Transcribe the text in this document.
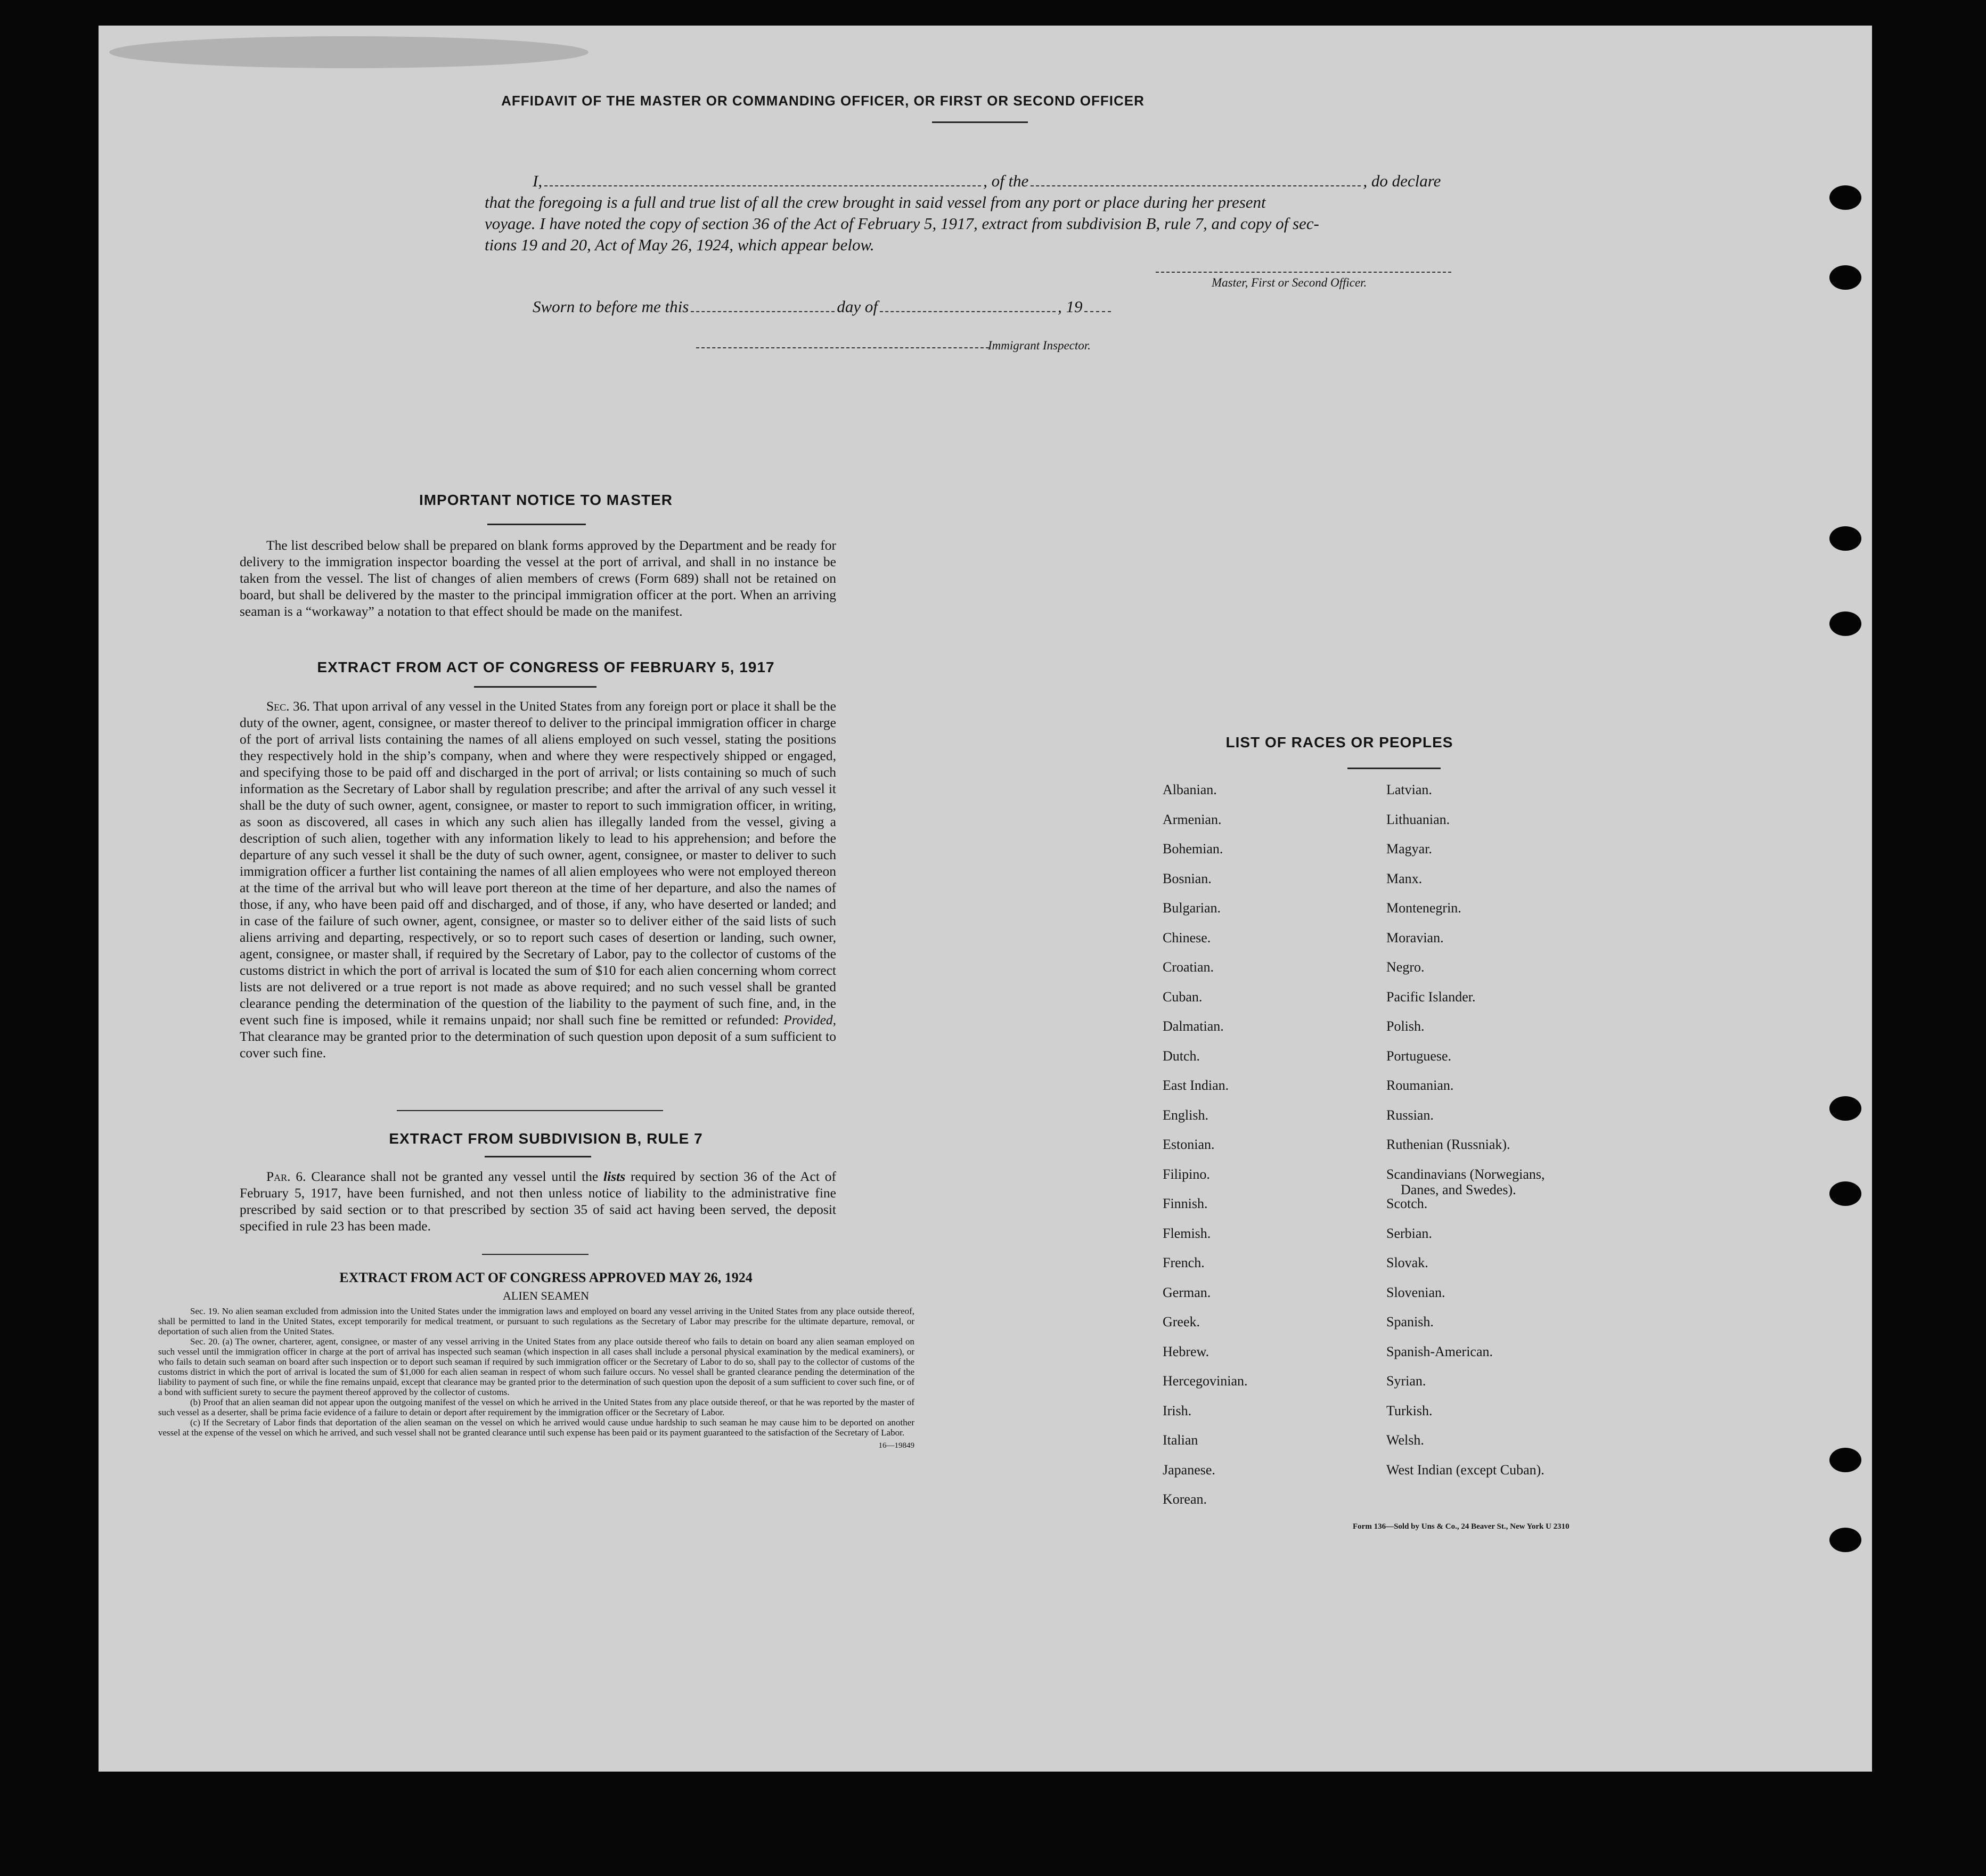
AFFIDAVIT OF THE MASTER OR COMMANDING OFFICER, OR FIRST OR SECOND OFFICER
I,	, of the	, do declare
that the foregoing is a full and true list of all the crew brought in said vessel from any port or place during her present
voyage. I have noted the copy of section 36 of the Act of February 5, 1917, extract from subdivision B, rule 7, and copy of sec-
tions 19 and 20, Act of May 26, 1924, which appear below.
Master, First or Second Officer.
Sworn to before me this	day of	, 19
Immigrant Inspector.
IMPORTANT NOTICE TO MASTER
The list described below shall be prepared on blank forms approved by the Department and be ready for delivery to the immigration inspector boarding the vessel at the port of arrival, and shall in no instance be taken from the vessel. The list of changes of alien members of crews (Form 689) shall not be retained on board, but shall be delivered by the master to the principal immigration officer at the port. When an arriving seaman is a “workaway” a notation to that effect should be made on the manifest.
EXTRACT FROM ACT OF CONGRESS OF FEBRUARY 5, 1917
Sec. 36. That upon arrival of any vessel in the United States from any foreign port or place it shall be the duty of the owner, agent, consignee, or master thereof to deliver to the principal immigration officer in charge of the port of arrival lists containing the names of all aliens employed on such vessel, stating the positions they respectively hold in the ship’s company, when and where they were respectively shipped or engaged, and specifying those to be paid off and discharged in the port of arrival; or lists containing so much of such information as the Secretary of Labor shall by regulation prescribe; and after the arrival of any such vessel it shall be the duty of such owner, agent, consignee, or master to report to such immigration officer, in writing, as soon as discovered, all cases in which any such alien has illegally landed from the vessel, giving a description of such alien, together with any information likely to lead to his apprehension; and before the departure of any such vessel it shall be the duty of such owner, agent, consignee, or master to deliver to such immigration officer a further list containing the names of all alien employees who were not employed thereon at the time of the arrival but who will leave port thereon at the time of her departure, and also the names of those, if any, who have been paid off and discharged, and of those, if any, who have deserted or landed; and in case of the failure of such owner, agent, consignee, or master so to deliver either of the said lists of such aliens arriving and departing, respectively, or so to report such cases of desertion or landing, such owner, agent, consignee, or master shall, if required by the Secretary of Labor, pay to the collector of customs of the customs district in which the port of arrival is located the sum of $10 for each alien concerning whom correct lists are not delivered or a true report is not made as above required; and no such vessel shall be granted clearance pending the determination of the question of the liability to the payment of such fine, and, in the event such fine is imposed, while it remains unpaid; nor shall such fine be remitted or refunded: Provided, That clearance may be granted prior to the determination of such question upon deposit of a sum sufficient to cover such fine.
EXTRACT FROM SUBDIVISION B, RULE 7
Par. 6. Clearance shall not be granted any vessel until the lists required by section 36 of the Act of February 5, 1917, have been furnished, and not then unless notice of liability to the administrative fine prescribed by said section or to that prescribed by section 35 of said act having been served, the deposit specified in rule 23 has been made.
EXTRACT FROM ACT OF CONGRESS APPROVED MAY 26, 1924
ALIEN SEAMEN
Sec. 19. No alien seaman excluded from admission into the United States under the immigration laws and employed on board any vessel arriving in the United States from any place outside thereof, shall be permitted to land in the United States, except temporarily for medical treatment, or pursuant to such regulations as the Secretary of Labor may prescribe for the ultimate departure, removal, or deportation of such alien from the United States.
Sec. 20. (a) The owner, charterer, agent, consignee, or master of any vessel arriving in the United States from any place outside thereof who fails to detain on board any alien seaman employed on such vessel until the immigration officer in charge at the port of arrival has inspected such seaman (which inspection in all cases shall include a personal physical examination by the medical examiners), or who fails to detain such seaman on board after such inspection or to deport such seaman if required by such immigration officer or the Secretary of Labor to do so, shall pay to the collector of customs of the customs district in which the port of arrival is located the sum of $1,000 for each alien seaman in respect of whom such failure occurs. No vessel shall be granted clearance pending the determination of the liability to payment of such fine, or while the fine remains unpaid, except that clearance may be granted prior to the determination of such question upon the deposit of a sum sufficient to cover such fine, or of a bond with sufficient surety to secure the payment thereof approved by the collector of customs.
(b) Proof that an alien seaman did not appear upon the outgoing manifest of the vessel on which he arrived in the United States from any place outside thereof, or that he was reported by the master of such vessel as a deserter, shall be prima facie evidence of a failure to detain or deport after requirement by the immigration officer or the Secretary of Labor.
(c) If the Secretary of Labor finds that deportation of the alien seaman on the vessel on which he arrived would cause undue hardship to such seaman he may cause him to be deported on another vessel at the expense of the vessel on which he arrived, and such vessel shall not be granted clearance until such expense has been paid or its payment guaranteed to the satisfaction of the Secretary of Labor.
16—19849
LIST OF RACES OR PEOPLES
Albanian.
Armenian.
Bohemian.
Bosnian.
Bulgarian.
Chinese.
Croatian.
Cuban.
Dalmatian.
Dutch.
East Indian.
English.
Estonian.
Filipino.
Finnish.
Flemish.
French.
German.
Greek.
Hebrew.
Hercegovinian.
Irish.
Italian
Japanese.
Korean.
Latvian.
Lithuanian.
Magyar.
Manx.
Montenegrin.
Moravian.
Negro.
Pacific Islander.
Polish.
Portuguese.
Roumanian.
Russian.
Ruthenian (Russniak).
Scandinavians (Norwegians,
Danes, and Swedes).
Scotch.
Serbian.
Slovak.
Slovenian.
Spanish.
Spanish-American.
Syrian.
Turkish.
Welsh.
West Indian (except Cuban).
Form 136—Sold by Uns & Co., 24 Beaver St., New York U 2310
